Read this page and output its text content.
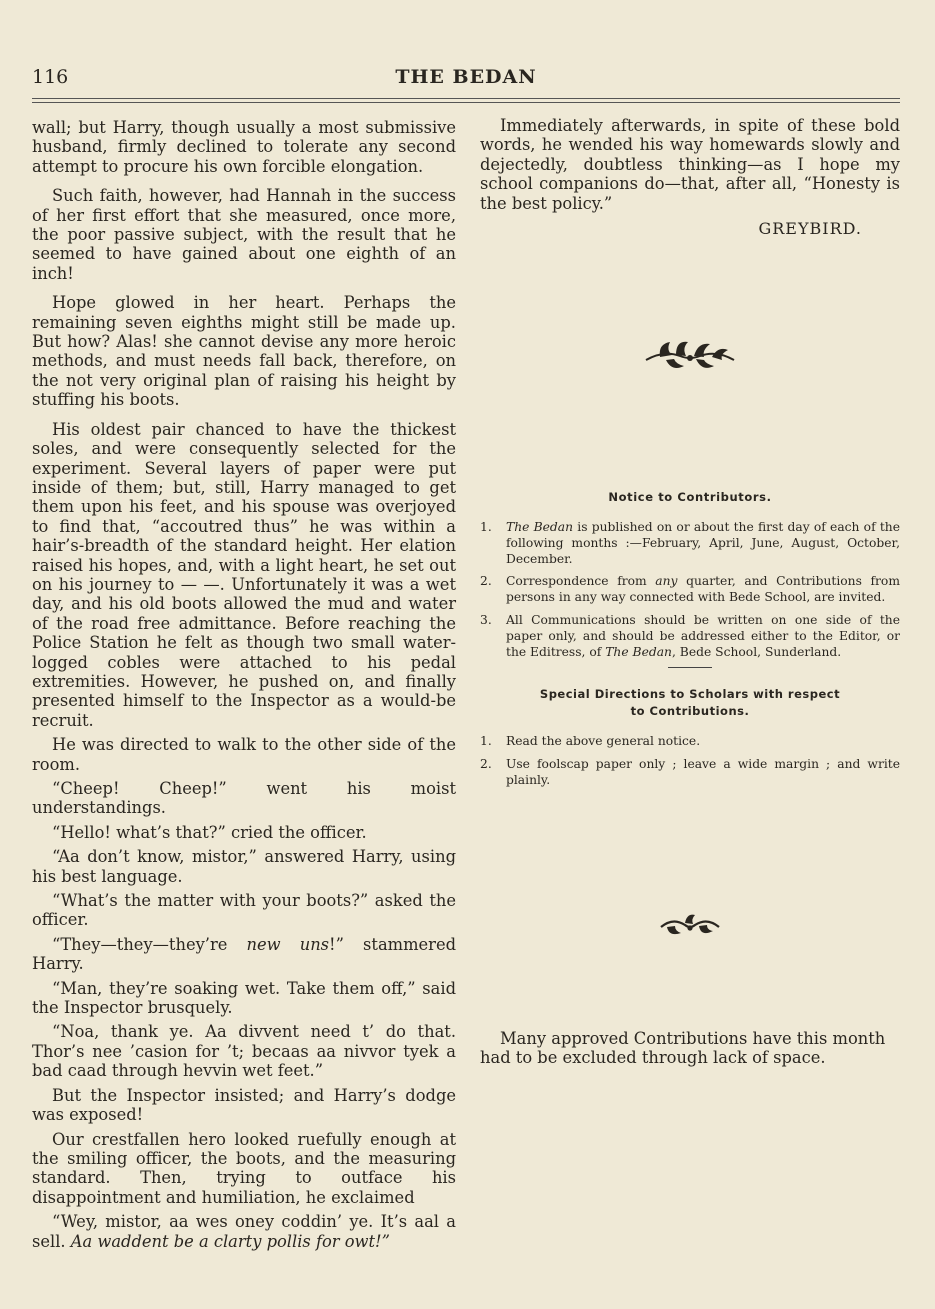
116	THE BEDAN

wall; but Harry, though usually a most submissive husband, firmly declined to tolerate any second attempt to procure his own forcible elongation.

Such faith, however, had Hannah in the success of her first effort that she measured, once more, the poor passive subject, with the result that he seemed to have gained about one eighth of an inch!

Hope glowed in her heart. Perhaps the remaining seven eighths might still be made up. But how? Alas! she cannot devise any more heroic methods, and must needs fall back, therefore, on the not very original plan of raising his height by stuffing his boots.

His oldest pair chanced to have the thickest soles, and were consequently selected for the experiment. Several layers of paper were put inside of them; but, still, Harry managed to get them upon his feet, and his spouse was overjoyed to find that, “accoutred thus” he was within a hair’s-breadth of the standard height. Her elation raised his hopes, and, with a light heart, he set out on his journey to — —. Unfortunately it was a wet day, and his old boots allowed the mud and water of the road free admittance. Before reaching the Police Station he felt as though two small water-logged cobles were attached to his pedal extremities. However, he pushed on, and finally presented himself to the Inspector as a would-be recruit.

He was directed to walk to the other side of the room.

“Cheep! Cheep!” went his moist understandings.

“Hello! what’s that?” cried the officer.

“Aa don’t know, mistor,” answered Harry, using his best language.

“What’s the matter with your boots?” asked the officer.

“They—they—they’re new uns!” stammered Harry.

“Man, they’re soaking wet. Take them off,” said the Inspector brusquely.

“Noa, thank ye. Aa divvent need t’ do that. Thor’s nee ’casion for ’t; becaas aa nivvor tyek a bad caad through hevvin wet feet.”

But the Inspector insisted; and Harry’s dodge was exposed!

Our crestfallen hero looked ruefully enough at the smiling officer, the boots, and the measuring standard. Then, trying to outface his disappointment and humiliation, he exclaimed

“Wey, mistor, aa wes oney coddin’ ye. It’s aal a sell. Aa waddent be a clarty pollis for owt!”

Immediately afterwards, in spite of these bold words, he wended his way homewards slowly and dejectedly, doubtless thinking—as I hope my school companions do—that, after all, “Honesty is the best policy.”

GREYBIRD.
Notice to Contributors.
1. The Bedan is published on or about the first day of each of the following months :—February, April, June, August, October, December.
2. Correspondence from any quarter, and Contributions from persons in any way connected with Bede School, are invited.
3. All Communications should be written on one side of the paper only, and should be addressed either to the Editor, or the Editress, of The Bedan, Bede School, Sunderland.
Special Directions to Scholars with respect
to Contributions.
1. Read the above general notice.
2. Use foolscap paper only ; leave a wide margin ; and write plainly.

Many approved Contributions have this month had to be excluded through lack of space.
